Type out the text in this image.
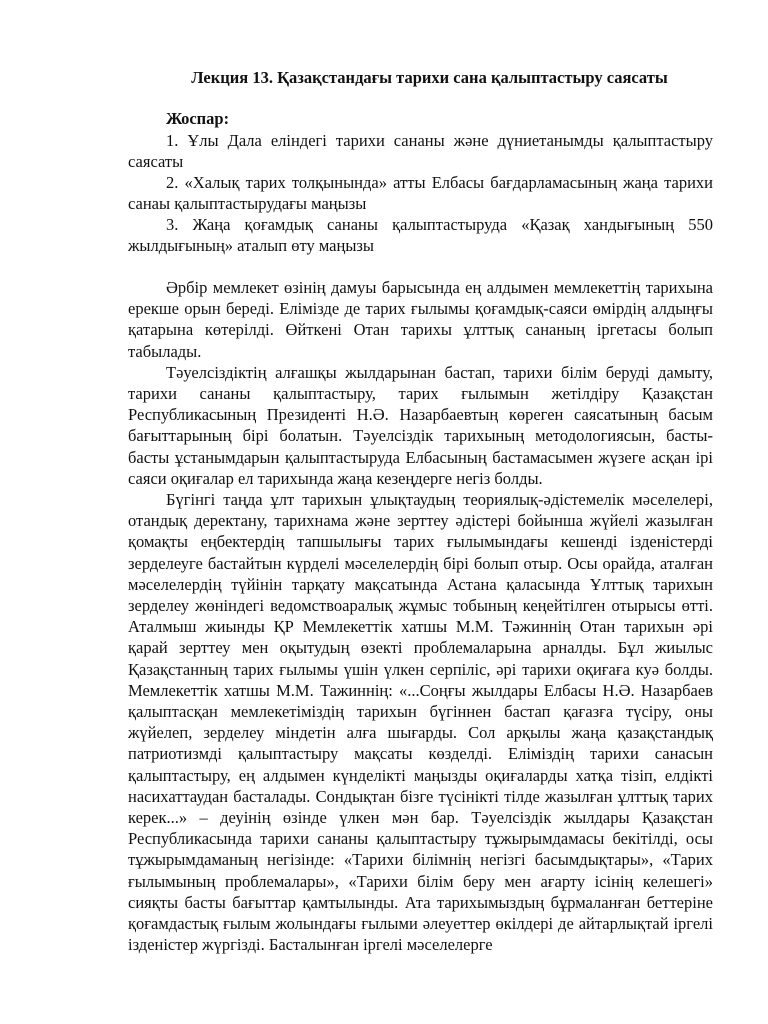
Лекция 13. Қазақстандағы тарихи сана қалыптастыру саясаты

Жоспар:

1. Ұлы Дала еліндегі тарихи сананы және дүниетанымды қалыптастыру саясаты

2. «Халық тарих толқынында» атты Елбасы бағдарламасының жаңа тарихи санаы қалыптастырудағы маңызы

3. Жаңа қоғамдық сананы қалыптастыруда «Қазақ хандығының 550 жылдығының» аталып өту маңызы

Әрбір мемлекет өзінің дамуы барысында ең алдымен мемлекеттің тарихына ерекше орын береді. Елімізде де тарих ғылымы қоғамдық-саяси өмірдің алдыңғы қатарына көтерілді. Өйткені Отан тарихы ұлттық сананың іргетасы болып табылады.

Тәуелсіздіктің алғашқы жылдарынан бастап, тарихи білім беруді дамыту, тарихи сананы қалыптастыру, тарих ғылымын жетілдіру Қазақстан Республикасының Президенті Н.Ә. Назарбаевтың көреген саясатының басым бағыттарының бірі болатын. Тәуелсіздік тарихының методологиясын, басты-басты ұстанымдарын қалыптастыруда Елбасының бастамасымен жүзеге асқан ірі саяси оқиғалар ел тарихында жаңа кезеңдерге негіз болды.

Бүгінгі таңда ұлт тарихын ұлықтаудың теориялық-әдістемелік мәселелері, отандық деректану, тарихнама және зерттеу әдістері бойынша жүйелі жазылған қомақты еңбектердің тапшылығы тарих ғылымындағы кешенді ізденістерді зерделеуге бастайтын күрделі мәселелердің бірі болып отыр. Осы орайда, аталған мәселелердің түйінін тарқату мақсатында Астана қаласында Ұлттық тарихын зерделеу жөніндегі ведомствоаралық жұмыс тобының кеңейтілген отырысы өтті. Аталмыш жиынды ҚР Мемлекеттік хатшы М.М. Тәжиннің Отан тарихын әрі қарай зерттеу мен оқытудың өзекті проблемаларына арналды. Бұл жиылыс Қазақстанның тарих ғылымы үшін үлкен серпіліс, әрі тарихи оқиғаға куә болды. Мемлекеттік хатшы М.М. Тажиннің: «...Соңғы жылдары Елбасы Н.Ә. Назарбаев қалыптасқан мемлекетіміздің тарихын бүгіннен бастап қағазға түсіру, оны жүйелеп, зерделеу міндетін алға шығарды. Сол арқылы жаңа қазақстандық патриотизмді қалыптастыру мақсаты көзделді. Еліміздің тарихи санасын қалыптастыру, ең алдымен күнделікті маңызды оқиғаларды хатқа тізіп, елдікті насихаттаудан басталады. Сондықтан бізге түсінікті тілде жазылған ұлттық тарих керек...» – деуінің өзінде үлкен мән бар. Тәуелсіздік жылдары Қазақстан Республикасында тарихи сананы қалыптастыру тұжырымдамасы бекітілді, осы тұжырымдаманың негізінде: «Тарихи білімнің негізгі басымдықтары», «Тарих ғылымының проблемалары», «Тарихи білім беру мен ағарту ісінің келешегі» сияқты басты бағыттар қамтылынды. Ата тарихымыздың бұрмаланған беттеріне қоғамдастық ғылым жолындағы ғылыми әлеуеттер өкілдері де айтарлықтай іргелі ізденістер жүргізді. Басталынған іргелі мәселелерге
